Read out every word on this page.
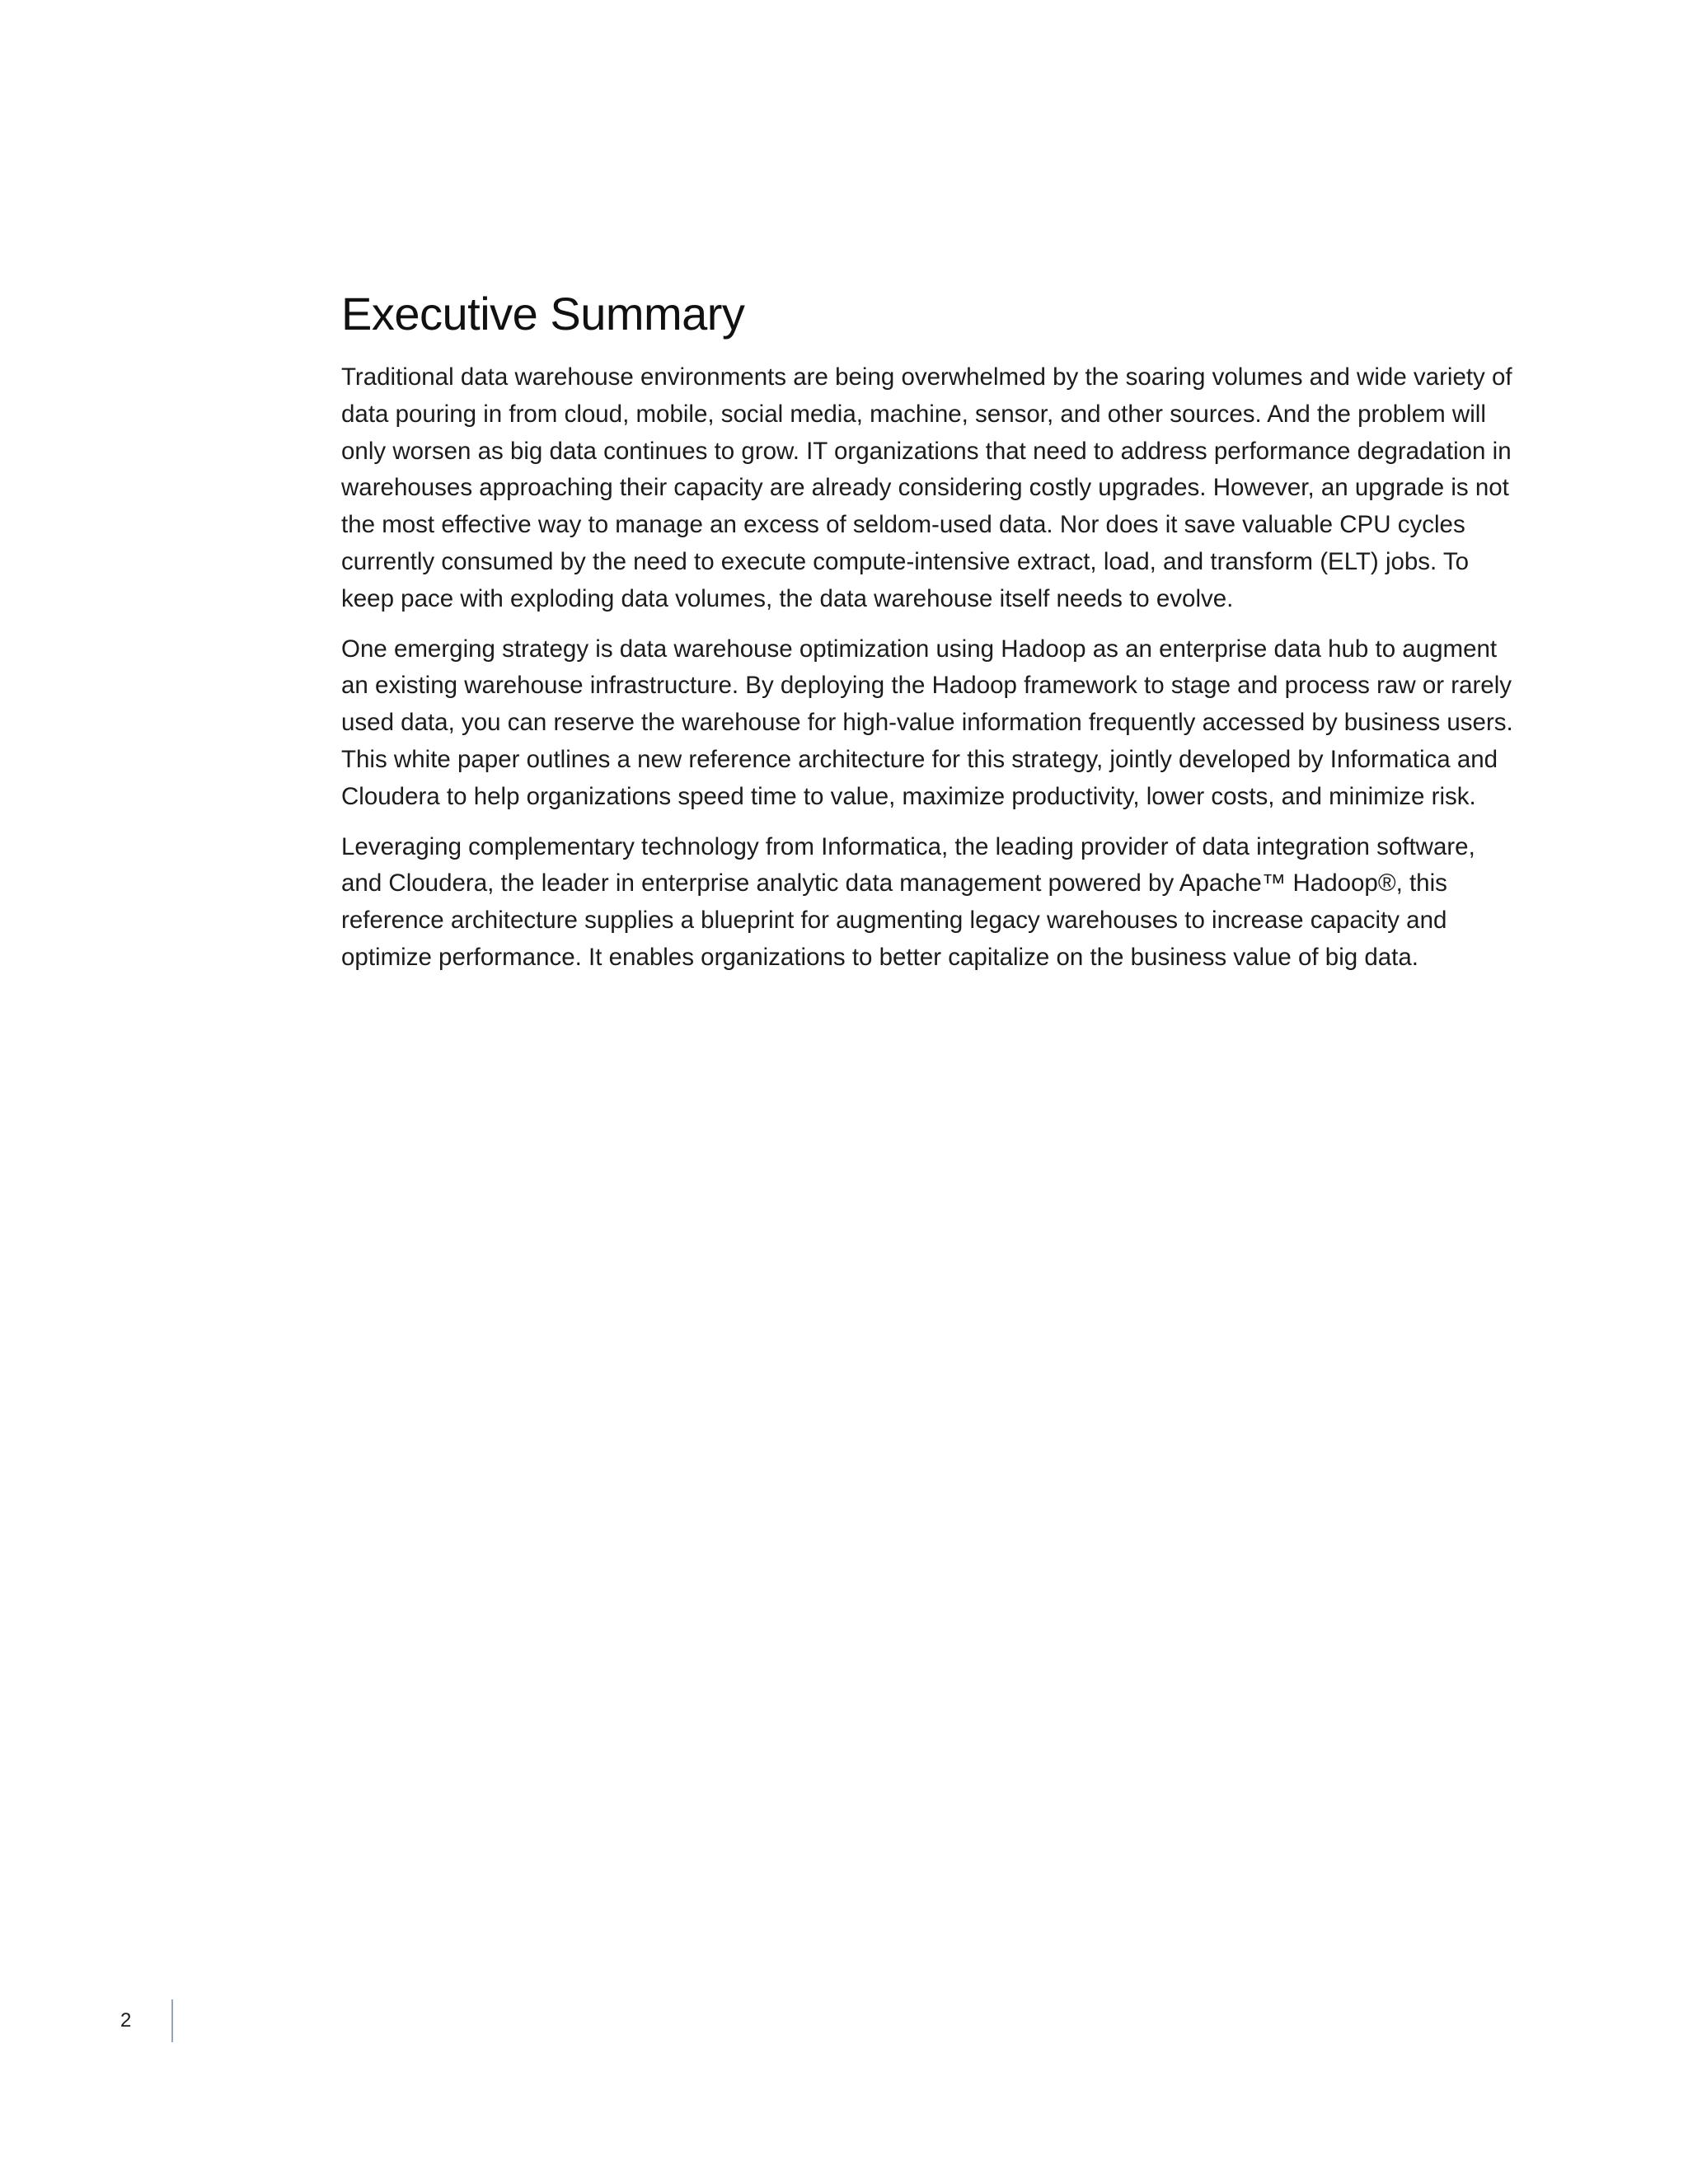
Executive Summary

Traditional data warehouse environments are being overwhelmed by the soaring volumes and wide variety of data pouring in from cloud, mobile, social media, machine, sensor, and other sources. And the problem will only worsen as big data continues to grow. IT organizations that need to address performance degradation in warehouses approaching their capacity are already considering costly upgrades. However, an upgrade is not the most effective way to manage an excess of seldom-used data. Nor does it save valuable CPU cycles currently consumed by the need to execute compute-intensive extract, load, and transform (ELT) jobs. To keep pace with exploding data volumes, the data warehouse itself needs to evolve.

One emerging strategy is data warehouse optimization using Hadoop as an enterprise data hub to augment an existing warehouse infrastructure. By deploying the Hadoop framework to stage and process raw or rarely used data, you can reserve the warehouse for high-value information frequently accessed by business users. This white paper outlines a new reference architecture for this strategy, jointly developed by Informatica and Cloudera to help organizations speed time to value, maximize productivity, lower costs, and minimize risk.

Leveraging complementary technology from Informatica, the leading provider of data integration software, and Cloudera, the leader in enterprise analytic data management powered by Apache™ Hadoop®, this reference architecture supplies a blueprint for augmenting legacy warehouses to increase capacity and optimize performance. It enables organizations to better capitalize on the business value of big data.

2
